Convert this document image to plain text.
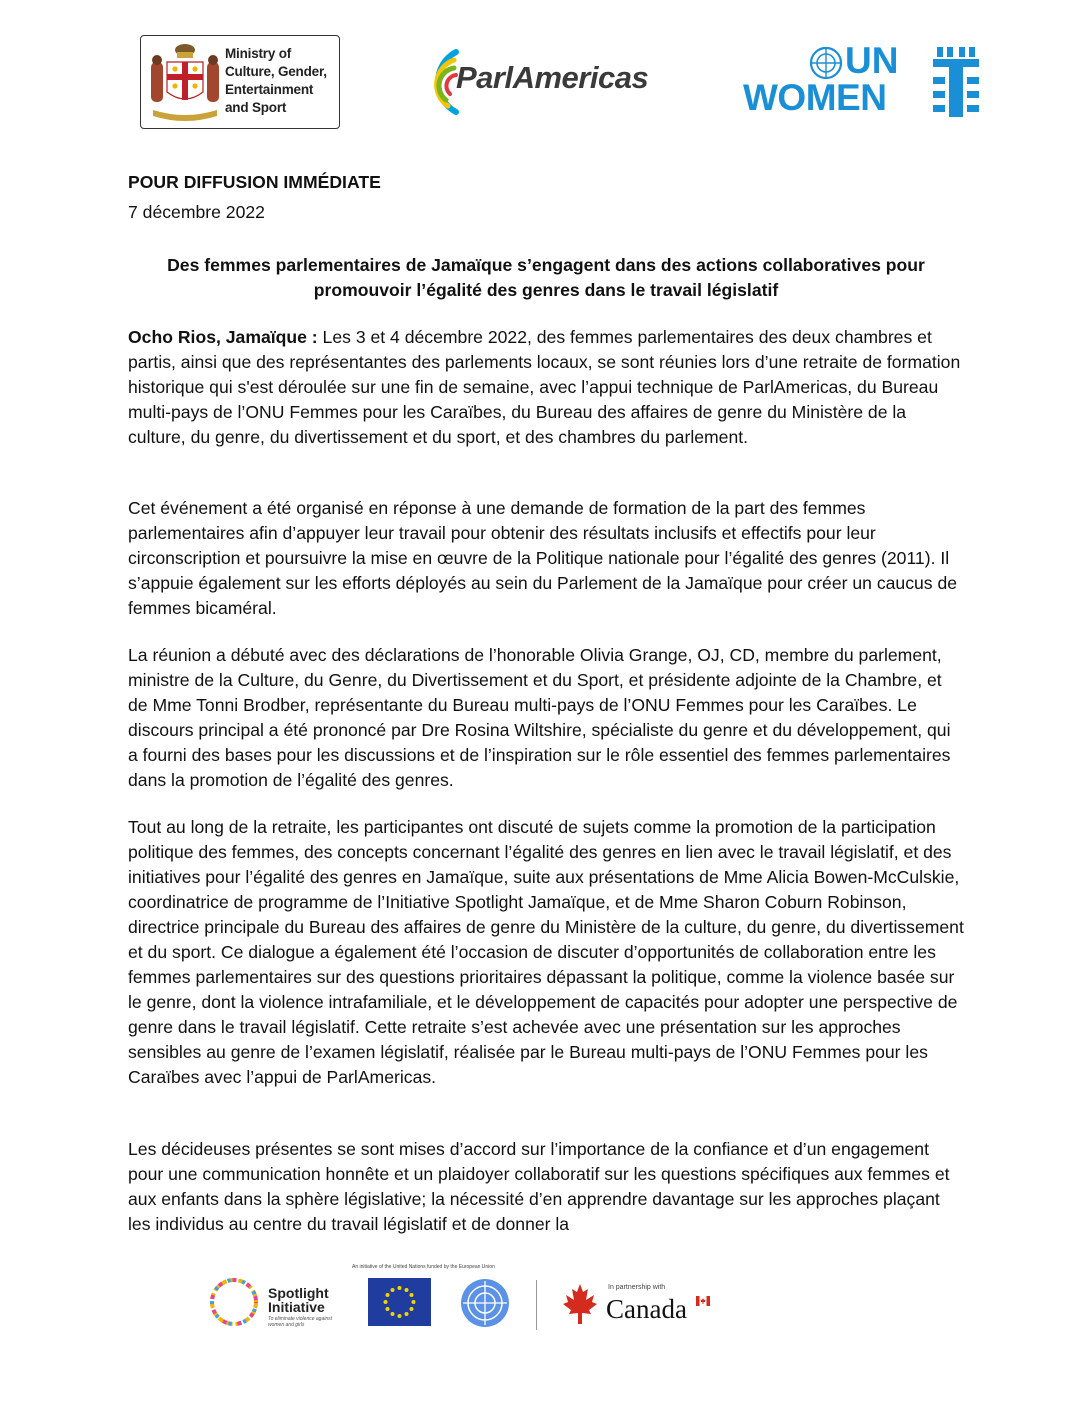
Ministry of
Culture, Gender,
Entertainment
and Sport
ParlAmericas	UN
WOMEN
POUR DIFFUSION IMMÉDIATE
7 décembre 2022
Des femmes parlementaires de Jamaïque s’engagent dans des actions collaboratives pour promouvoir l’égalité des genres dans le travail législatif
Ocho Rios, Jamaïque : Les 3 et 4 décembre 2022, des femmes parlementaires des deux chambres et partis, ainsi que des représentantes des parlements locaux, se sont réunies lors d’une retraite de formation historique qui s'est déroulée sur une fin de semaine, avec l’appui technique de ParlAmericas, du Bureau multi-pays de l’ONU Femmes pour les Caraïbes, du Bureau des affaires de genre du Ministère de la culture, du genre, du divertissement et du sport, et des chambres du parlement.
Cet événement a été organisé en réponse à une demande de formation de la part des femmes parlementaires afin d’appuyer leur travail pour obtenir des résultats inclusifs et effectifs pour leur circonscription et poursuivre la mise en œuvre de la Politique nationale pour l’égalité des genres (2011). Il s’appuie également sur les efforts déployés au sein du Parlement de la Jamaïque pour créer un caucus de femmes bicaméral.
La réunion a débuté avec des déclarations de l’honorable Olivia Grange, OJ, CD, membre du parlement, ministre de la Culture, du Genre, du Divertissement et du Sport, et présidente adjointe de la Chambre, et de Mme Tonni Brodber, représentante du Bureau multi-pays de l’ONU Femmes pour les Caraïbes. Le discours principal a été prononcé par Dre Rosina Wiltshire, spécialiste du genre et du développement, qui a fourni des bases pour les discussions et de l’inspiration sur le rôle essentiel des femmes parlementaires dans la promotion de l’égalité des genres.
Tout au long de la retraite, les participantes ont discuté de sujets comme la promotion de la participation politique des femmes, des concepts concernant l’égalité des genres en lien avec le travail législatif, et des initiatives pour l’égalité des genres en Jamaïque, suite aux présentations de Mme Alicia Bowen-McCulskie, coordinatrice de programme de l’Initiative Spotlight Jamaïque, et de Mme Sharon Coburn Robinson, directrice principale du Bureau des affaires de genre du Ministère de la culture, du genre, du divertissement et du sport. Ce dialogue a également été l’occasion de discuter d’opportunités de collaboration entre les femmes parlementaires sur des questions prioritaires dépassant la politique, comme la violence basée sur le genre, dont la violence intrafamiliale, et le développement de capacités pour adopter une perspective de genre dans le travail législatif. Cette retraite s’est achevée avec une présentation sur les approches sensibles au genre de l’examen législatif, réalisée par le Bureau multi-pays de l’ONU Femmes pour les Caraïbes avec l’appui de ParlAmericas.
Les décideuses présentes se sont mises d’accord sur l’importance de la confiance et d’un engagement pour une communication honnête et un plaidoyer collaboratif sur les questions spécifiques aux femmes et aux enfants dans la sphère législative; la nécessité d’en apprendre davantage sur les approches plaçant les individus au centre du travail législatif et de donner la
Spotlight
Initiative
To eliminate violence against women and girls
An initiative of the United Nations funded by the European Union
In partnership with
Canada
